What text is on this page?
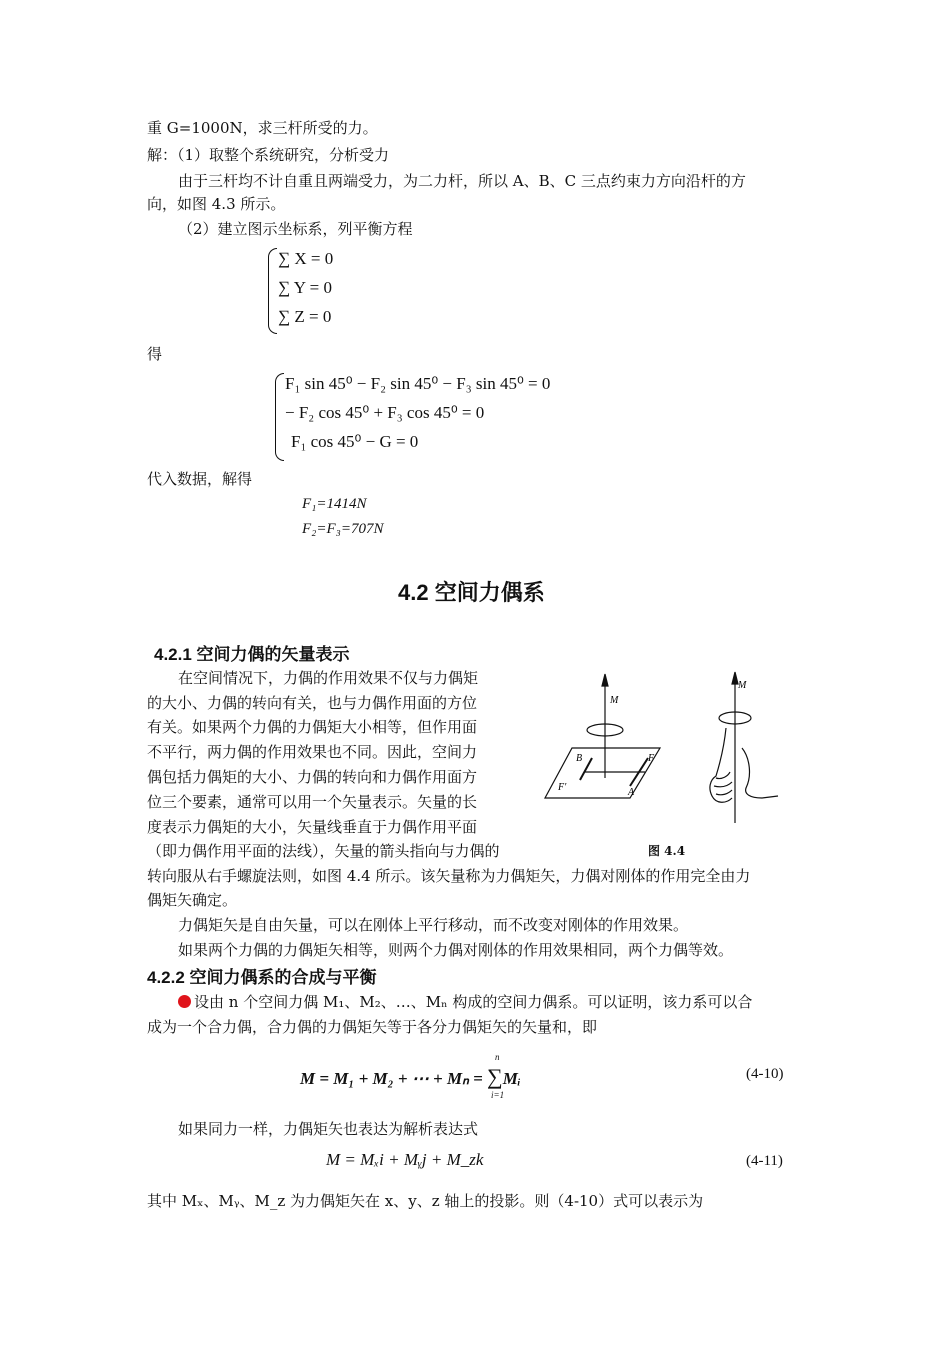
重 G=1000N，求三杆所受的力。
解：（1）取整个系统研究，分析受力
由于三杆均不计自重且两端受力，为二力杆，所以 A、B、C 三点约束力方向沿杆的方
向，如图 4.3 所示。
（2）建立图示坐标系，列平衡方程
∑ X = 0
∑ Y = 0
∑ Z = 0
得
F₁ sin 45⁰ − F₂ sin 45⁰ − F₃ sin 45⁰ = 0
− F₂ cos 45⁰ + F₃ cos 45⁰ = 0
F₁ cos 45⁰ − G = 0
代入数据，解得
F₁=1414N
F₂=F₃=707N
4.2 空间力偶系
4.2.1 空间力偶的矢量表示
在空间情况下，力偶的作用效果不仅与力偶矩
的大小、力偶的转向有关，也与力偶作用面的方位
有关。如果两个力偶的力偶矩大小相等，但作用面
不平行，两力偶的作用效果也不同。因此，空间力
偶包括力偶矩的大小、力偶的转向和力偶作用面方
位三个要素，通常可以用一个矢量表示。矢量的长
度表示力偶矩的大小，矢量线垂直于力偶作用平面
（即力偶作用平面的法线），矢量的箭头指向与力偶的
转向服从右手螺旋法则，如图 4.4 所示。该矢量称为力偶矩矢，力偶对刚体的作用完全由力
偶矩矢确定。
力偶矩矢是自由矢量，可以在刚体上平行移动，而不改变对刚体的作用效果。
如果两个力偶的力偶矩矢相等，则两个力偶对刚体的作用效果相同，两个力偶等效。
M
M
B	F
F′	A
图 4.4
4.2.2 空间力偶系的合成与平衡
设由 n 个空间力偶 M₁、M₂、…、Mₙ 构成的空间力偶系。可以证明，该力系可以合
成为一个合力偶，合力偶的力偶矩矢等于各分力偶矩矢的矢量和，即
M = M₁ + M₂ + ⋯ + Mₙ = ∑
n
i=1
Mᵢ	(4-10)
如果同力一样，力偶矩矢也表达为解析表达式
M = Mₓi + Mᵧj + M_zk	(4-11)
其中 Mₓ、Mᵧ、M_z 为力偶矩矢在 x、y、z 轴上的投影。则（4-10）式可以表示为
